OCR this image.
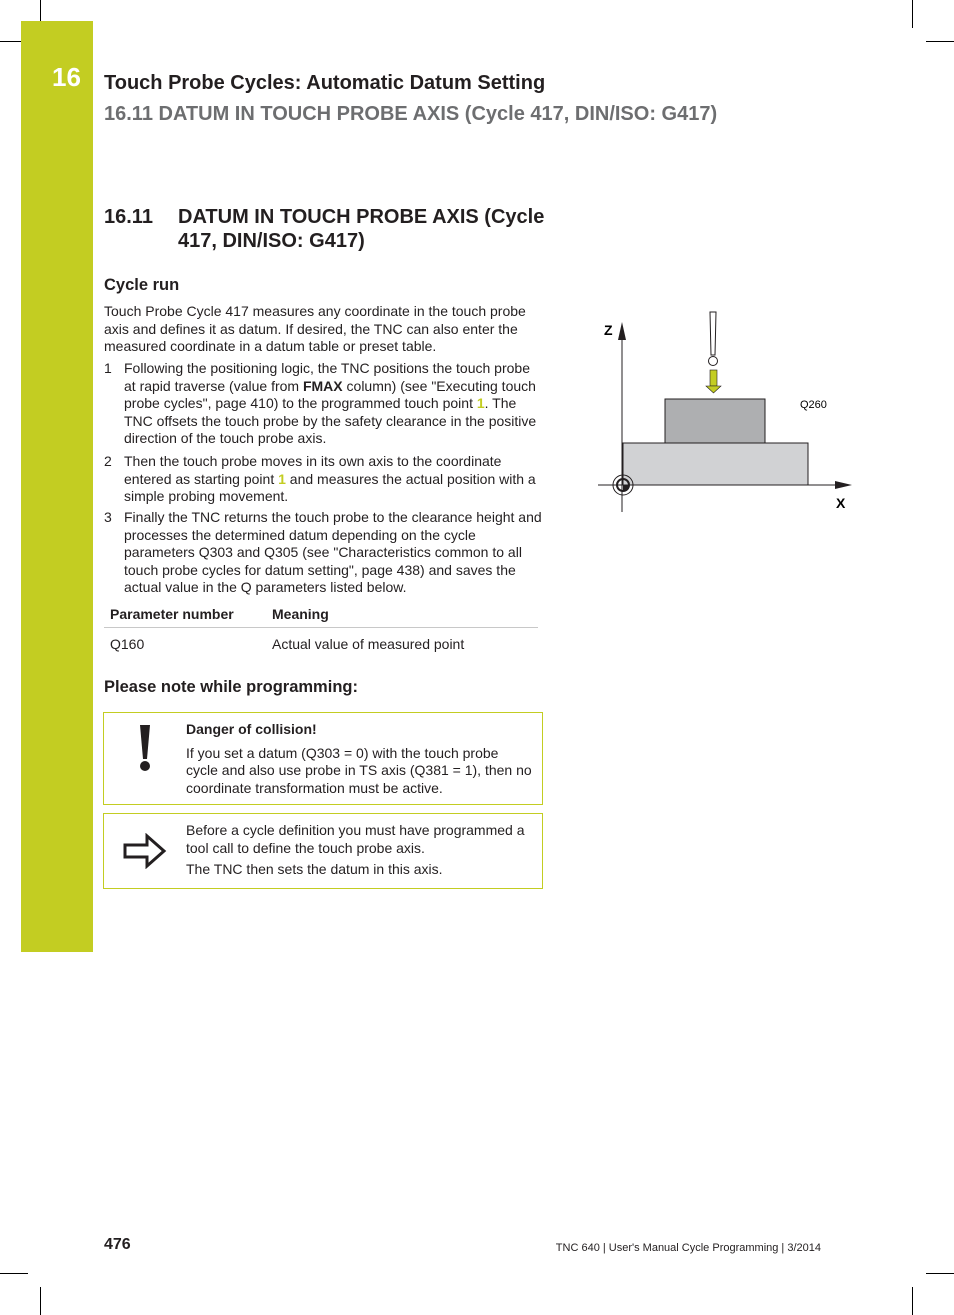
16 Touch Probe Cycles: Automatic Datum Setting
16.11 DATUM IN TOUCH PROBE AXIS (Cycle 417, DIN/ISO: G417)
16.11	DATUM IN TOUCH PROBE AXIS (Cycle 417, DIN/ISO: G417)
Cycle run
Touch Probe Cycle 417 measures any coordinate in the touch probe axis and defines it as datum. If desired, the TNC can also enter the measured coordinate in a datum table or preset table.
1 Following the positioning logic, the TNC positions the touch probe at rapid traverse (value from FMAX column) (see "Executing touch probe cycles", page 410) to the programmed touch point 1. The TNC offsets the touch probe by the safety clearance in the positive direction of the touch probe axis.
2 Then the touch probe moves in its own axis to the coordinate entered as starting point 1 and measures the actual position with a simple probing movement.
3 Finally the TNC returns the touch probe to the clearance height and processes the determined datum depending on the cycle parameters Q303 and Q305 (see "Characteristics common to all touch probe cycles for datum setting", page 438) and saves the actual value in the Q parameters listed below.
Parameter number	Meaning
Q160	Actual value of measured point
Please note while programming:

Danger of collision!

If you set a datum (Q303 = 0) with the touch probe cycle and also use probe in TS axis (Q381 = 1), then no coordinate transformation must be active.

Before a cycle definition you must have programmed a tool call to define the touch probe axis.

The TNC then sets the datum in this axis.

Z
X
Q260
476	TNC 640 | User's Manual Cycle Programming | 3/2014
